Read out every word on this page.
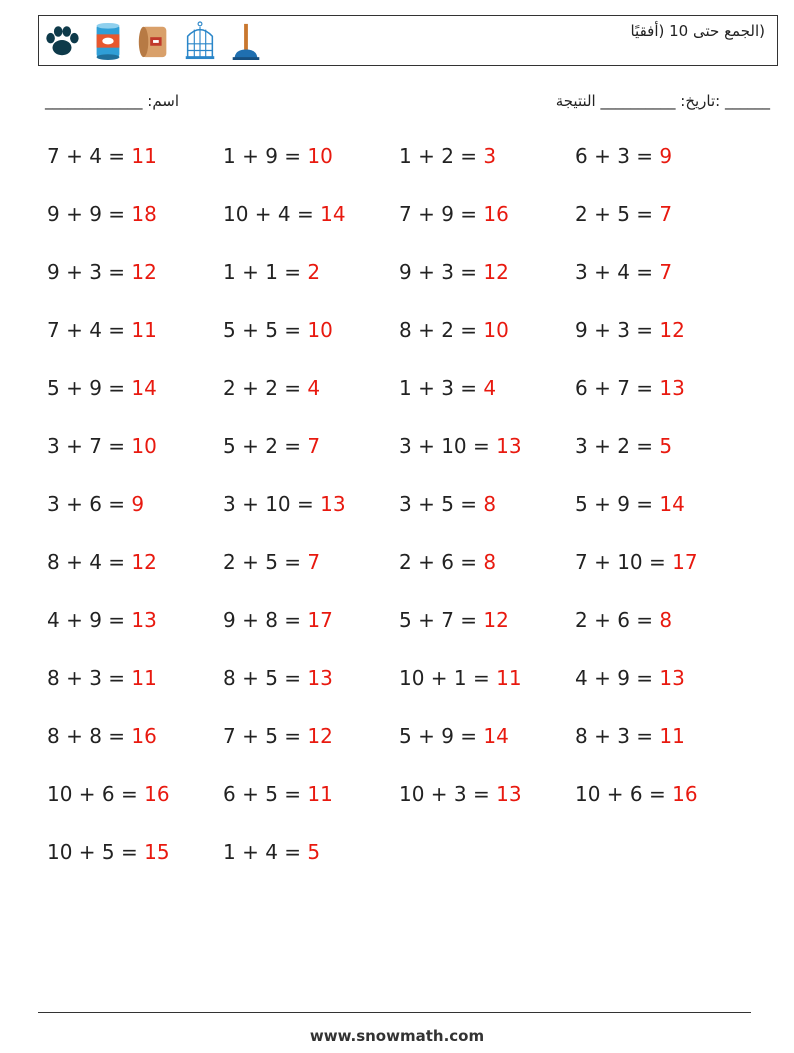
(الجمع حتى 10 (أفقيًا
اسم: _____________	______ :تاريخ: __________ النتيجة
7 + 4 = 11	1 + 9 = 10	1 + 2 = 3	6 + 3 = 9
9 + 9 = 18	10 + 4 = 14	7 + 9 = 16	2 + 5 = 7
9 + 3 = 12	1 + 1 = 2	9 + 3 = 12	3 + 4 = 7
7 + 4 = 11	5 + 5 = 10	8 + 2 = 10	9 + 3 = 12
5 + 9 = 14	2 + 2 = 4	1 + 3 = 4	6 + 7 = 13
3 + 7 = 10	5 + 2 = 7	3 + 10 = 13	3 + 2 = 5
3 + 6 = 9	3 + 10 = 13	3 + 5 = 8	5 + 9 = 14
8 + 4 = 12	2 + 5 = 7	2 + 6 = 8	7 + 10 = 17
4 + 9 = 13	9 + 8 = 17	5 + 7 = 12	2 + 6 = 8
8 + 3 = 11	8 + 5 = 13	10 + 1 = 11	4 + 9 = 13
8 + 8 = 16	7 + 5 = 12	5 + 9 = 14	8 + 3 = 11
10 + 6 = 16	6 + 5 = 11	10 + 3 = 13	10 + 6 = 16
10 + 5 = 15	1 + 4 = 5
www.snowmath.com
